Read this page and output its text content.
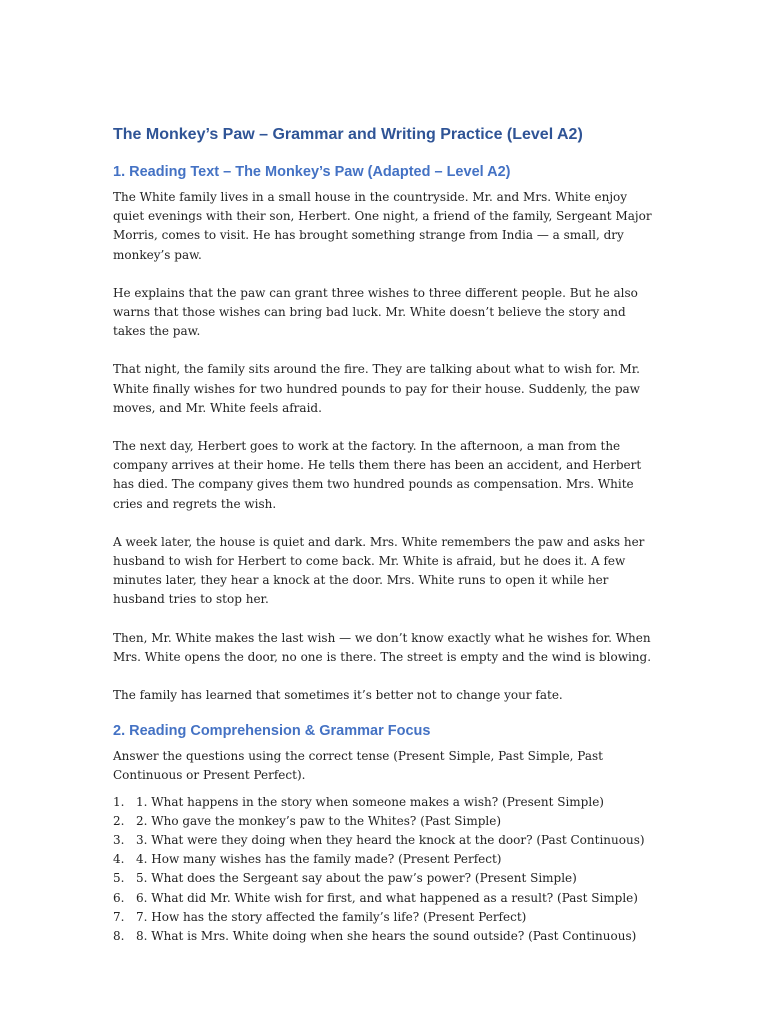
The Monkey’s Paw – Grammar and Writing Practice (Level A2)
1. Reading Text – The Monkey’s Paw (Adapted – Level A2)

The White family lives in a small house in the countryside. Mr. and Mrs. White enjoy quiet evenings with their son, Herbert. One night, a friend of the family, Sergeant Major Morris, comes to visit. He has brought something strange from India — a small, dry monkey’s paw.

He explains that the paw can grant three wishes to three different people. But he also warns that those wishes can bring bad luck. Mr. White doesn’t believe the story and takes the paw.

That night, the family sits around the fire. They are talking about what to wish for. Mr. White finally wishes for two hundred pounds to pay for their house. Suddenly, the paw moves, and Mr. White feels afraid.

The next day, Herbert goes to work at the factory. In the afternoon, a man from the company arrives at their home. He tells them there has been an accident, and Herbert has died. The company gives them two hundred pounds as compensation. Mrs. White cries and regrets the wish.

A week later, the house is quiet and dark. Mrs. White remembers the paw and asks her husband to wish for Herbert to come back. Mr. White is afraid, but he does it. A few minutes later, they hear a knock at the door. Mrs. White runs to open it while her husband tries to stop her.

Then, Mr. White makes the last wish — we don’t know exactly what he wishes for. When Mrs. White opens the door, no one is there. The street is empty and the wind is blowing.

The family has learned that sometimes it’s better not to change your fate.

2. Reading Comprehension & Grammar Focus

Answer the questions using the correct tense (Present Simple, Past Simple, Past Continuous or Present Perfect).

1. 1. What happens in the story when someone makes a wish? (Present Simple)
2. 2. Who gave the monkey’s paw to the Whites? (Past Simple)
3. 3. What were they doing when they heard the knock at the door? (Past Continuous)
4. 4. How many wishes has the family made? (Present Perfect)
5. 5. What does the Sergeant say about the paw’s power? (Present Simple)
6. 6. What did Mr. White wish for first, and what happened as a result? (Past Simple)
7. 7. How has the story affected the family’s life? (Present Perfect)
8. 8. What is Mrs. White doing when she hears the sound outside? (Past Continuous)
